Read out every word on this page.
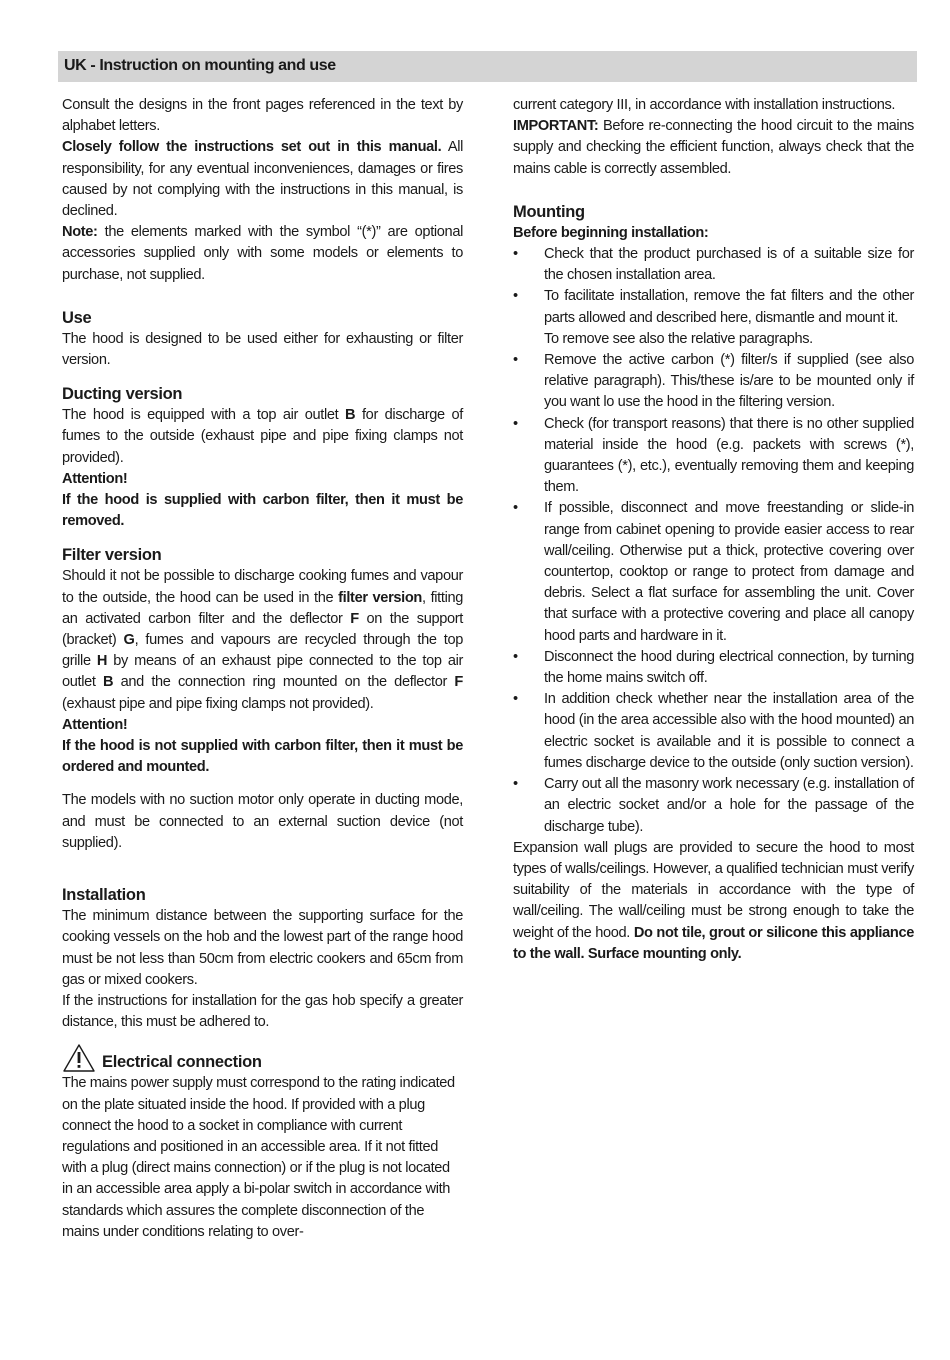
UK - Instruction on mounting and use

Consult the designs in the front pages referenced in the text by alphabet letters.

Closely follow the instructions set out in this manual. All responsibility, for any eventual inconveniences, damages or fires caused by not complying with the instructions in this manual, is declined.

Note: the elements marked with the symbol “(*)” are optional accessories supplied only with some models or elements to purchase, not supplied.

Use

The hood is designed to be used either for exhausting or filter version.

Ducting version

The hood is equipped with a top air outlet B for discharge of fumes to the outside (exhaust pipe and pipe fixing clamps not provided).

Attention!

If the hood is supplied with carbon filter, then it must be removed.

Filter version

Should it not be possible to discharge cooking fumes and vapour to the outside, the hood can be used in the filter version, fitting an activated carbon filter and the deflector F on the support (bracket) G, fumes and vapours are recycled through the top grille H by means of an exhaust pipe connected to the top air outlet B and the connection ring mounted on the deflector F (exhaust pipe and pipe fixing clamps not provided).

Attention!

If the hood is not supplied with carbon filter, then it must be ordered and mounted.

The models with no suction motor only operate in ducting mode, and must be connected to an external suction device (not supplied).

Installation

The minimum distance between the supporting surface for the cooking vessels on the hob and the lowest part of the range hood must be not less than 50cm from electric cookers and 65cm from gas or mixed cookers.

If the instructions for installation for the gas hob specify a greater distance, this must be adhered to.

Electrical connection

The mains power supply must correspond to the rating indicated on the plate situated inside the hood. If provided with a plug connect the hood to a socket in compliance with current regulations and positioned in an accessible area. If it not fitted with a plug (direct mains connection) or if the plug is not located in an accessible area apply a bi-polar switch in accordance with standards which assures the complete disconnection of the mains under conditions relating to over-

current category III, in accordance with installation instructions.

IMPORTANT: Before re-connecting the hood circuit to the mains supply and checking the efficient function, always check that the mains cable is correctly assembled.

Mounting

Before beginning installation:

• Check that the product purchased is of a suitable size for the chosen installation area.
• To facilitate installation, remove the fat filters and the other parts allowed and described here, dismantle and mount it.

To remove see also the relative paragraphs.

• Remove the active carbon (*) filter/s if supplied (see also relative paragraph). This/these is/are to be mounted only if you want lo use the hood in the filtering version.
• Check (for transport reasons) that there is no other supplied material inside the hood (e.g. packets with screws (*), guarantees (*), etc.), eventually removing them and keeping them.
• If possible, disconnect and move freestanding or slide-in range from cabinet opening to provide easier access to rear wall/ceiling. Otherwise put a thick, protective covering over countertop, cooktop or range to protect from damage and debris. Select a flat surface for assembling the unit. Cover that surface with a protective covering and place all canopy hood parts and hardware in it.
• Disconnect the hood during electrical connection, by turning the home mains switch off.
• In addition check whether near the installation area of the hood (in the area accessible also with the hood mounted) an electric socket is available and it is possible to connect a fumes discharge device to the outside (only suction version).
• Carry out all the masonry work necessary (e.g. installation of an electric socket and/or a hole for the passage of the discharge tube).

Expansion wall plugs are provided to secure the hood to most types of walls/ceilings. However, a qualified technician must verify suitability of the materials in accordance with the type of wall/ceiling. The wall/ceiling must be strong enough to take the weight of the hood. Do not tile, grout or silicone this appliance to the wall. Surface mounting only.
